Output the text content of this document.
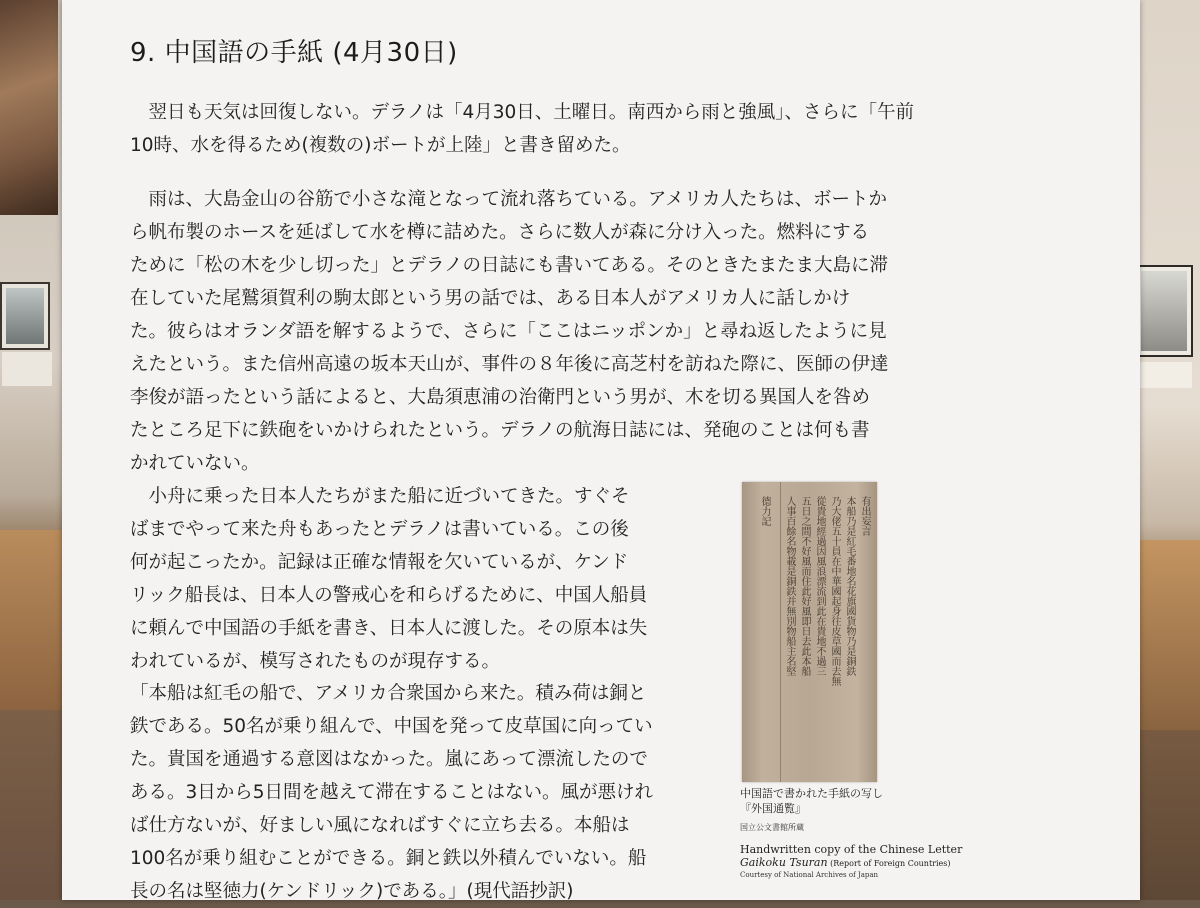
9. 中国語の手紙 (4月30日)

　翌日も天気は回復しない。デラノは「4月30日、土曜日。南西から雨と強風」、さらに「午前
10時、水を得るため(複数の)ボートが上陸」と書き留めた。

　雨は、大島金山の谷筋で小さな滝となって流れ落ちている。アメリカ人たちは、ボートか
ら帆布製のホースを延ばして水を樽に詰めた。さらに数人が森に分け入った。燃料にする
ために「松の木を少し切った」とデラノの日誌にも書いてある。そのときたまたま大島に滞
在していた尾鷲須賀利の駒太郎という男の話では、ある日本人がアメリカ人に話しかけ
た。彼らはオランダ語を解するようで、さらに「ここはニッポンか」と尋ね返したように見
えたという。また信州高遠の坂本天山が、事件の８年後に高芝村を訪ねた際に、医師の伊達
李俊が語ったという話によると、大島須恵浦の治衛門という男が、木を切る異国人を咎め
たところ足下に鉄砲をいかけられたという。デラノの航海日誌には、発砲のことは何も書
かれていない。

　小舟に乗った日本人たちがまた船に近づいてきた。すぐそ
ばまでやって来た舟もあったとデラノは書いている。この後
何が起こったか。記録は正確な情報を欠いているが、ケンド
リック船長は、日本人の警戒心を和らげるために、中国人船員
に頼んで中国語の手紙を書き、日本人に渡した。その原本は失
われているが、模写されたものが現存する。

「本船は紅毛の船で、アメリカ合衆国から来た。積み荷は銅と
鉄である。50名が乗り組んで、中国を発って皮草国に向ってい
た。貴国を通過する意図はなかった。嵐にあって漂流したので
ある。3日から5日間を越えて滞在することはない。風が悪けれ
ば仕方ないが、好ましい風になればすぐに立ち去る。本船は
100名が乗り組むことができる。銅と鉄以外積んでいない。船
長の名は堅徳力(ケンドリック)である。」(現代語抄訳)

有出妄言
本船乃是紅毛番地名花旗國貨物乃是銅鉄
乃大佬五十員在中華國起身往皮草國而去無
從貴地經過因風浪漂流到此在貴地不過三
五日之間不好風而住此好風即日去此本船
人事百餘名物載是銅鉄并無別物船主名堅
德力記
中国語で書かれた手紙の写し
『外国通覧』
国立公文書館所蔵
Handwritten copy of the Chinese Letter
Gaikoku Tsuran (Report of Foreign Countries)
Courtesy of National Archives of Japan
